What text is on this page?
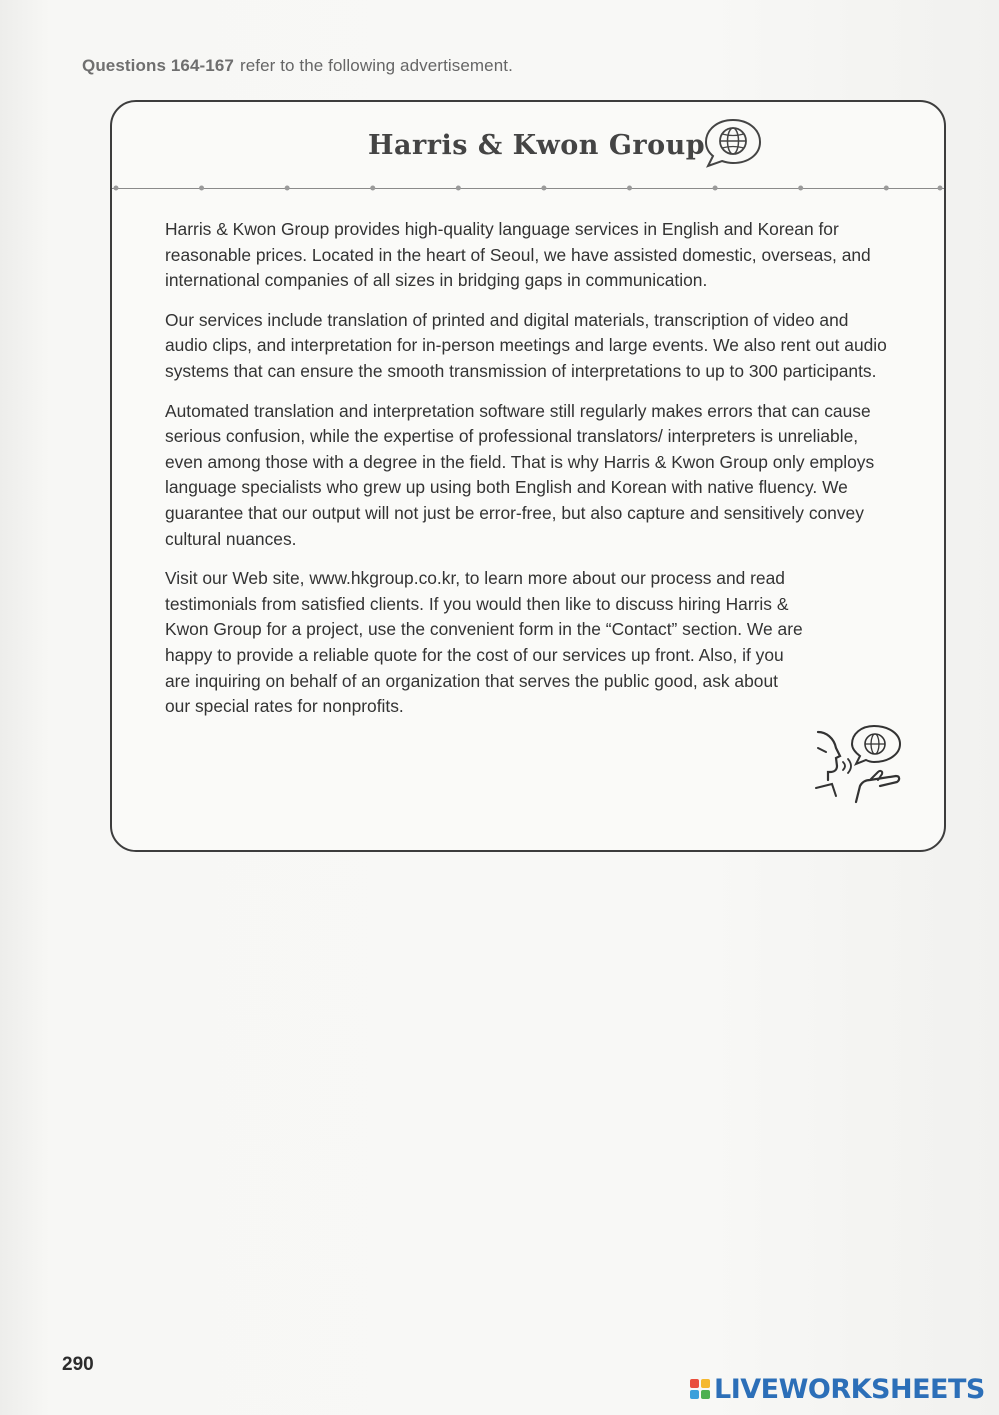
Questions 164-167 refer to the following advertisement.
Harris & Kwon Group

Harris & Kwon Group provides high-quality language services in English and Korean for reasonable prices. Located in the heart of Seoul, we have assisted domestic, overseas, and international companies of all sizes in bridging gaps in communication.

Our services include translation of printed and digital materials, transcription of video and audio clips, and interpretation for in-person meetings and large events. We also rent out audio systems that can ensure the smooth transmission of interpretations to up to 300 participants.

Automated translation and interpretation software still regularly makes errors that can cause serious confusion, while the expertise of professional translators/ interpreters is unreliable, even among those with a degree in the field. That is why Harris & Kwon Group only employs language specialists who grew up using both English and Korean with native fluency. We guarantee that our output will not just be error-free, but also capture and sensitively convey cultural nuances.

Visit our Web site, www.hkgroup.co.kr, to learn more about our process and read testimonials from satisfied clients. If you would then like to discuss hiring Harris & Kwon Group for a project, use the convenient form in the “Contact” section. We are happy to provide a reliable quote for the cost of our services up front. Also, if you are inquiring on behalf of an organization that serves the public good, ask about our special rates for nonprofits.

290
LIVEWORKSHEETS
